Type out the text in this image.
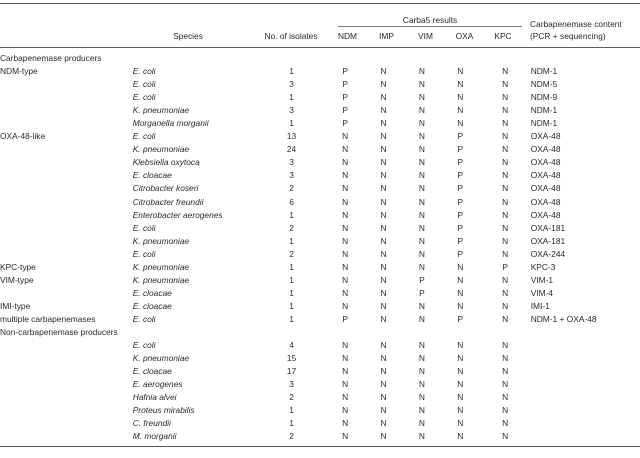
Carba5 results
Species	No. of isolates	NDM	IMP	VIM	OXA	KPC
Carbapenemase content
(PCR + sequencing)
Carbapenemase producers								
NDM-type	E. coli	1	P	N	N	N	N	NDM-1
	E. coli	3	P	N	N	N	N	NDM-5
	E. coli	1	P	N	N	N	N	NDM-9
	K. pneumoniae	3	P	N	N	N	N	NDM-1
	Morganella morganii	1	P	N	N	N	N	NDM-1
OXA-48-like	E. coli	13	N	N	N	P	N	OXA-48
	K. pneumoniae	24	N	N	N	P	N	OXA-48
	Klebsiella oxytoca	3	N	N	N	P	N	OXA-48
	E. cloacae	3	N	N	N	P	N	OXA-48
	Citrobacter koseri	2	N	N	N	P	N	OXA-48
	Citrobacter freundii	6	N	N	N	P	N	OXA-48
	Enterobacter aerogenes	1	N	N	N	P	N	OXA-48
	E. coli	2	N	N	N	P	N	OXA-181
	K. pneumoniae	1	N	N	N	P	N	OXA-181
	E. coli	2	N	N	N	P	N	OXA-244
KPC-type	K. pneumoniae	1	N	N	N	N	P	KPC-3
VIM-type	K. pneumoniae	1	N	N	P	N	N	VIM-1
	E. cloacae	1	N	N	P	N	N	VIM-4
IMI-type	E. cloacae	1	N	N	N	N	N	IMI-1
multiple carbapenemases	E. coli	1	P	N	N	P	N	NDM-1 + OXA-48
Non-carbapenemase producers								
	E. coli	4	N	N	N	N	N	
	K. pneumoniae	15	N	N	N	N	N	
	E. cloacae	17	N	N	N	N	N	
	E. aerogenes	3	N	N	N	N	N	
	Hafnia alvei	2	N	N	N	N	N	
	Proteus mirabilis	1	N	N	N	N	N	
	C. freundii	1	N	N	N	N	N	
	M. morganii	2	N	N	N	N	N	
